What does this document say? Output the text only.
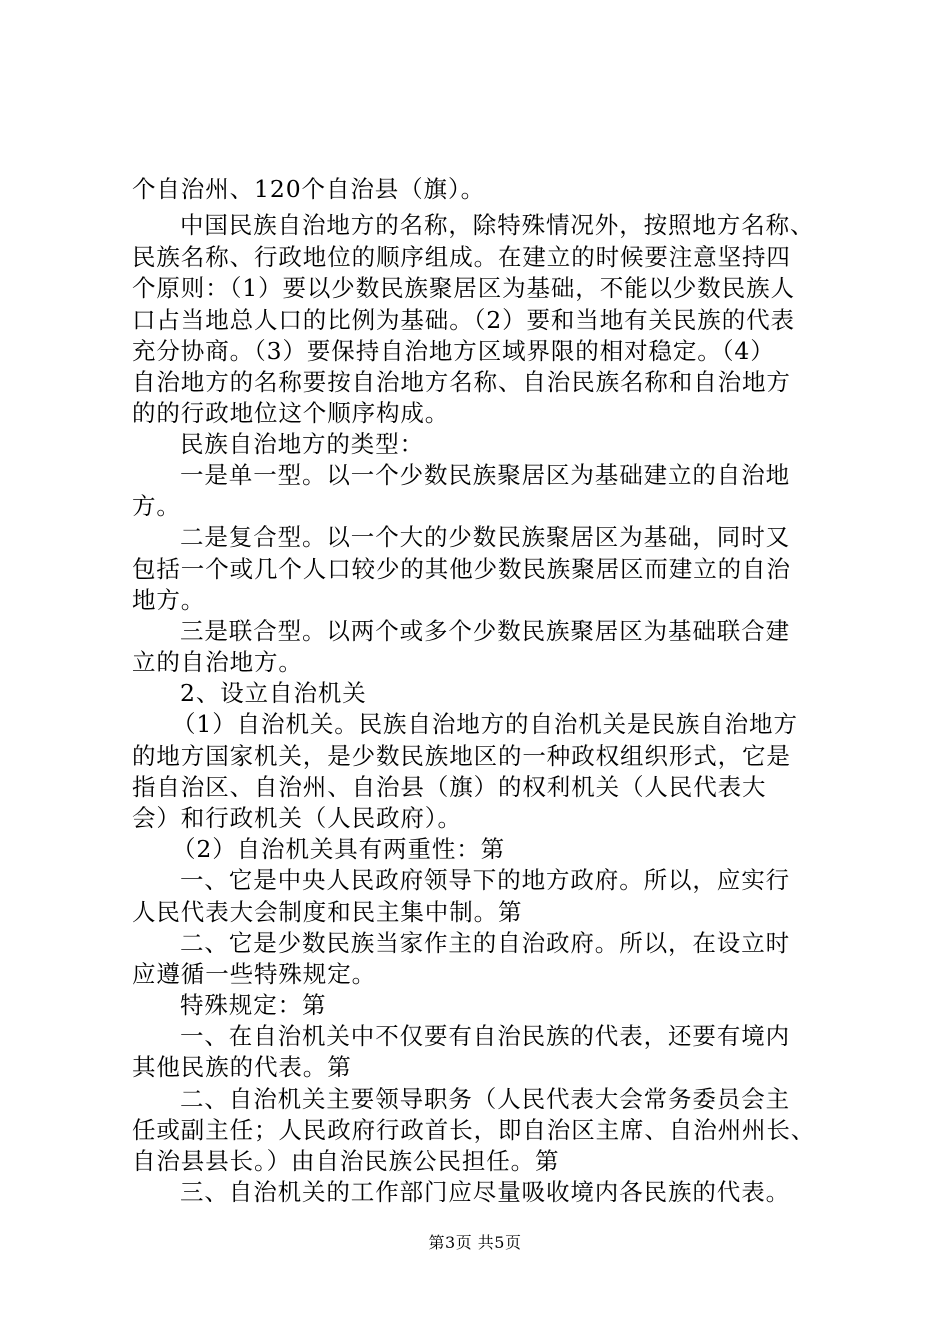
个自治州、120个自治县（旗）。
中国民族自治地方的名称，除特殊情况外，按照地方名称、
民族名称、行政地位的顺序组成。在建立的时候要注意坚持四
个原则：（1）要以少数民族聚居区为基础，不能以少数民族人
口占当地总人口的比例为基础。（2）要和当地有关民族的代表
充分协商。（3）要保持自治地方区域界限的相对稳定。（4）
自治地方的名称要按自治地方名称、自治民族名称和自治地方
的的行政地位这个顺序构成。
民族自治地方的类型：
一是单一型。以一个少数民族聚居区为基础建立的自治地
方。
二是复合型。以一个大的少数民族聚居区为基础，同时又
包括一个或几个人口较少的其他少数民族聚居区而建立的自治
地方。
三是联合型。以两个或多个少数民族聚居区为基础联合建
立的自治地方。
2、设立自治机关
（1）自治机关。民族自治地方的自治机关是民族自治地方
的地方国家机关，是少数民族地区的一种政权组织形式，它是
指自治区、自治州、自治县（旗）的权利机关（人民代表大
会）和行政机关（人民政府）。
（2）自治机关具有两重性：第
一、它是中央人民政府领导下的地方政府。所以，应实行
人民代表大会制度和民主集中制。第
二、它是少数民族当家作主的自治政府。所以，在设立时
应遵循一些特殊规定。
特殊规定：第
一、在自治机关中不仅要有自治民族的代表，还要有境内
其他民族的代表。第
二、自治机关主要领导职务（人民代表大会常务委员会主
任或副主任；人民政府行政首长，即自治区主席、自治州州长、
自治县县长。）由自治民族公民担任。第
三、自治机关的工作部门应尽量吸收境内各民族的代表。
第3页 共5页
